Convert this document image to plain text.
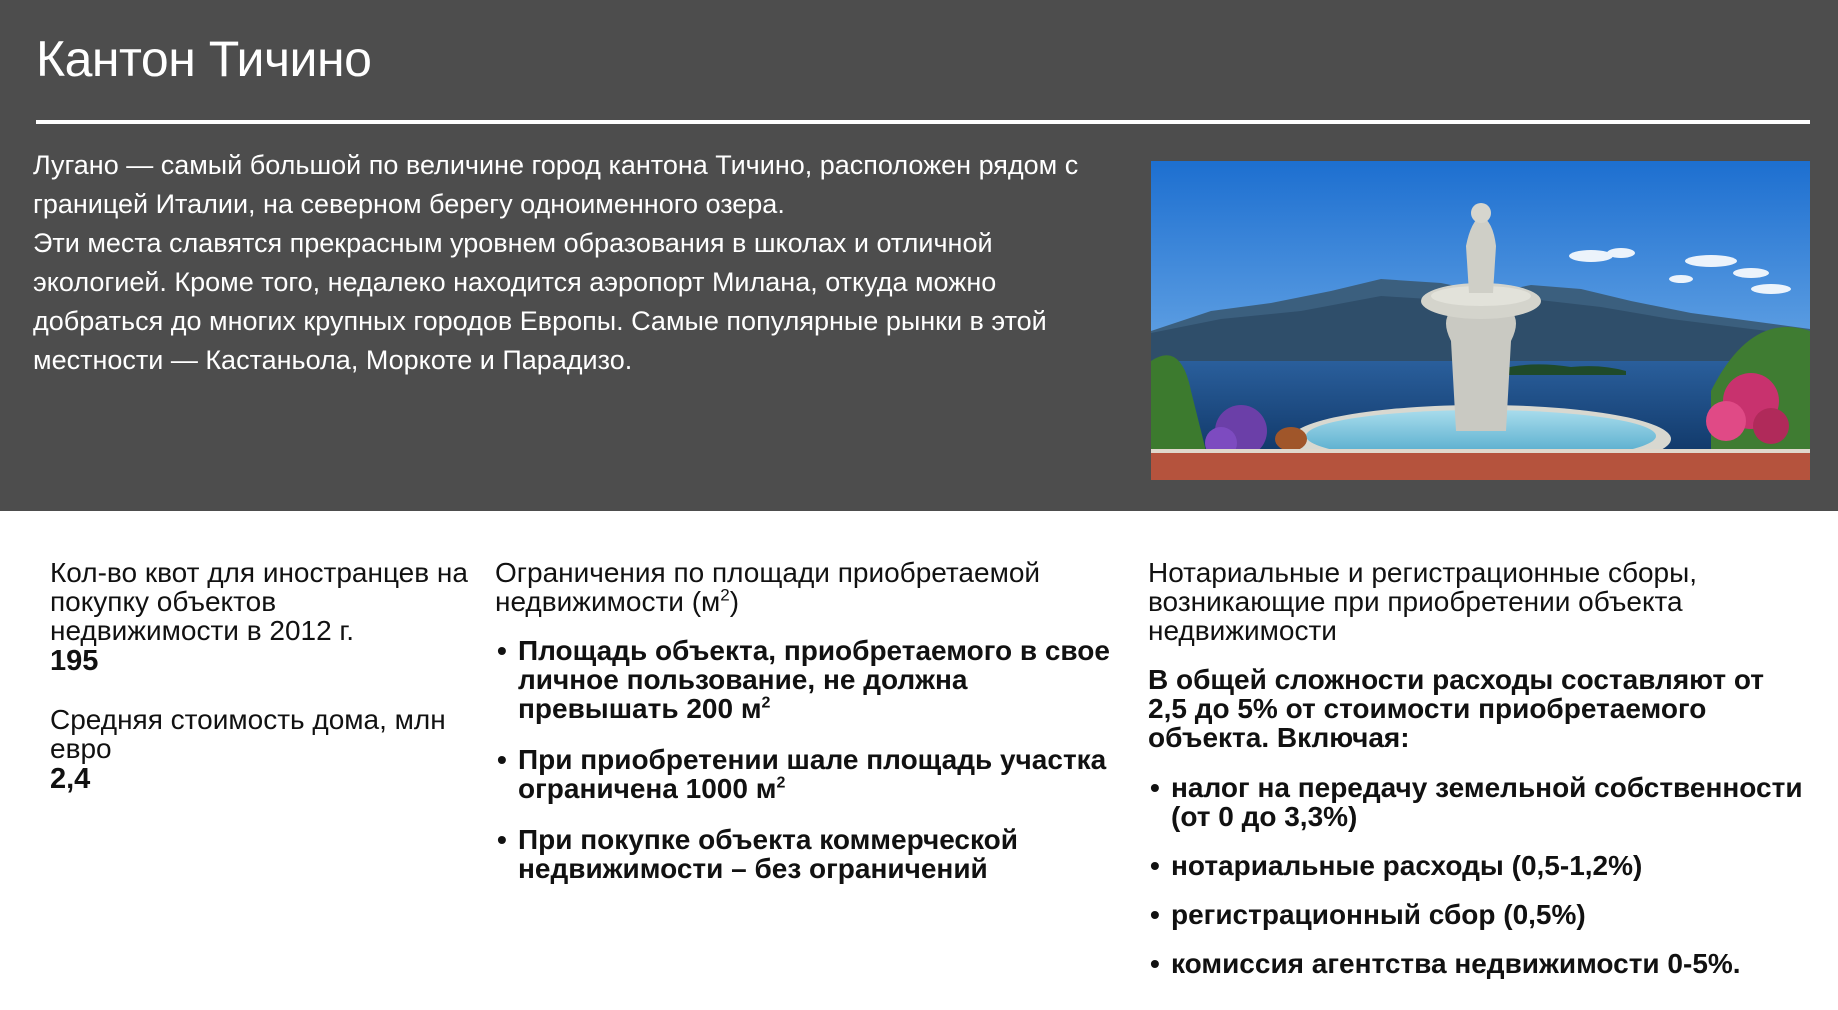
Кантон Тичино

Лугано — самый большой по величине город кантона Тичино, расположен рядом с границей Италии, на северном берегу одноименного озера.

Эти места славятся прекрасным уровнем образования в школах и отличной экологией. Кроме того, недалеко находится аэропорт Милана, откуда можно добраться до многих крупных городов Европы. Самые популярные рынки в этой местности — Кастаньола, Моркоте и Парадизо.

Кол-во квот для иностранцев на покупку объектов недвижимости в 2012 г.
195
Средняя стоимость дома, млн евро
2,4
Ограничения по площади приобретаемой недвижимости $(м^2)$
• Площадь объекта, приобретаемого в свое личное пользование, не должна превышать 200 $м^2$
• При приобретении шале площадь участка ограничена 1000 $м^2$
• При покупке объекта коммерческой недвижимости – без ограничений
Нотариальные и регистрационные сборы, возникающие при приобретении объекта недвижимости
В общей сложности расходы составляют от 2,5 до 5% от стоимости приобретаемого объекта. Включая:
• налог на передачу земельной собственности (от 0 до 3,3%)
• нотариальные расходы (0,5-1,2%)
• регистрационный сбор (0,5%)
• комиссия агентства недвижимости 0-5%.
